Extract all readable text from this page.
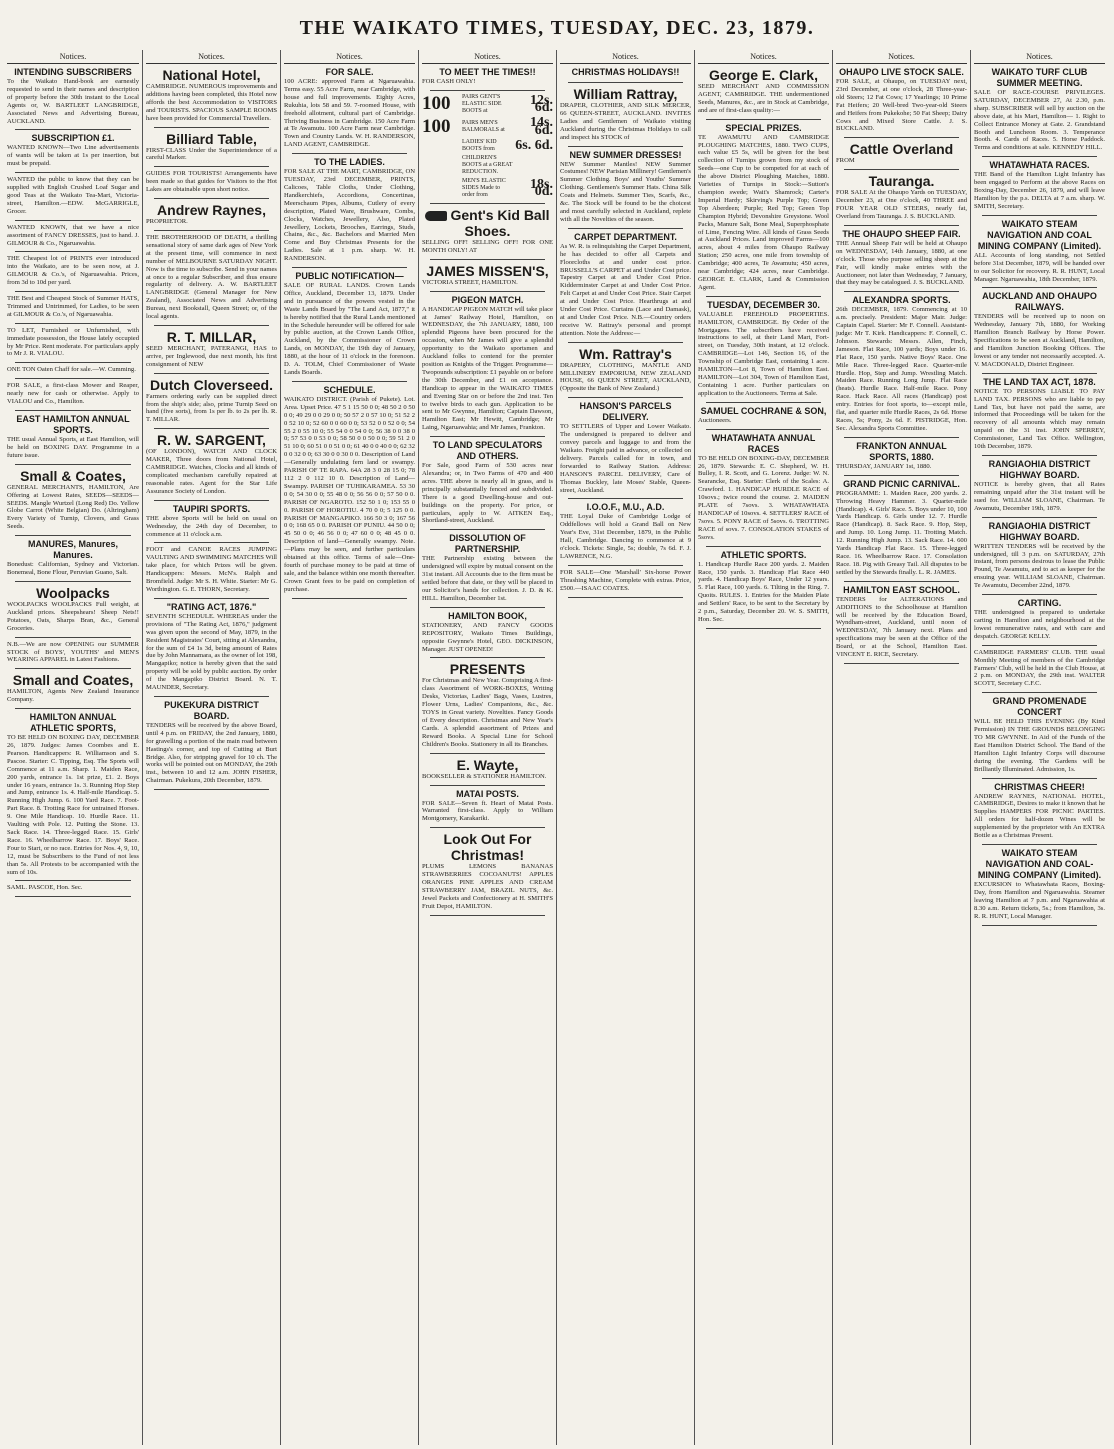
THE WAIKATO TIMES, TUESDAY, DEC. 23, 1879.
Notices.
INTENDING SUBSCRIBERS
To the Waikato Hand-book are earnestly requested to send in their names and description of property before the 30th instant to the Local Agents or, W. BARTLEET LANGBRIDGE, Associated News and Advertising Bureau, AUCKLAND.
SUBSCRIPTION £1.
WANTED KNOWN—Two Line advertisements of wants will be taken at 1s per insertion, but must be prepaid.
WANTED the public to know that they can be supplied with English Crushed Loaf Sugar and good Teas at the Waikato Tea-Mart, Victoria-street, Hamilton.—EDW. McGARRIGLE, Grocer.
WANTED KNOWN, that we have a nice assortment of FANCY DRESSES, just to hand. J. GILMOUR & Co., Ngaruawahia.
THE Cheapest lot of PRINTS ever introduced into the Waikato, are to be seen now, at J. GILMOUR & Co.'s, of Ngaruawahia. Prices, from 3d to 10d per yard.
THE Best and Cheapest Stock of Summer HATS, Trimmed and Untrimmed, for Ladies, to be seen at GILMOUR & Co.'s, of Ngaruawahia.
TO LET, Furnished or Unfurnished, with immediate possession, the House lately occupied by Mr Price. Rent moderate. For particulars apply to Mr J. R. VIALOU.
ONE TON Oaten Chaff for sale.—W. Cumming.
FOR SALE, a first-class Mower and Reaper, nearly new for cash or otherwise. Apply to VIALOU and Co., Hamilton.
EAST HAMILTON ANNUAL SPORTS.
THE usual Annual Sports, at East Hamilton, will be held on BOXING DAY. Programme in a future issue.
Small & Coates,
GENERAL MERCHANTS, HAMILTON, Are Offering at Lowest Rates, SEEDS—SEEDS—SEEDS. Mangle Wurtzel (Long Red) Do. Yellow Globe Carrot (White Belgian) Do. (Altringham) Every Variety of Turnip, Clovers, and Grass Seeds.
MANURES, Manures, Manures.
Bonedust: Californian, Sydney and Victorian. Bonemeal, Bone Flour, Peruvian Guano, Salt.
Woolpacks
WOOLPACKS WOOLPACKS Full weight, at Auckland prices. Sheepshears! Sheep Nets!! Potatoes, Oats, Sharps Bran, &c., General Groceries.
N.B.—We are now OPENING our SUMMER STOCK of BOYS', YOUTHS' and MEN'S WEARING APPAREL in Latest Fashions.
Small and Coates,
HAMILTON, Agents New Zealand Insurance Company.
HAMILTON ANNUAL ATHLETIC SPORTS,
TO BE HELD ON BOXING DAY, DECEMBER 26, 1879. Judges: James Coombes and E. Pearson. Handicappers: R. Williamson and S. Pascoe. Starter: C. Tipping, Esq. The Sports will Commence at 11 a.m. Sharp. 1. Maiden Race, 200 yards, entrance 1s. 1st prize, £1. 2. Boys under 16 years, entrance 1s. 3. Running Hop Step and Jump, entrance 1s. 4. Half-mile Handicap. 5. Running High Jump. 6. 100 Yard Race. 7. Foot-Part Race. 8. Trotting Race for untrained Horses. 9. One Mile Handicap. 10. Hurdle Race. 11. Vaulting with Pole. 12. Putting the Stone. 13. Sack Race. 14. Three-legged Race. 15. Girls' Race. 16. Wheelbarrow Race. 17. Boys' Race. Four to Start, or no race. Entries for Nos. 4, 9, 10, 12, must be Subscribers to the Fund of not less than 5s. All Protests to be accompanied with the sum of 10s.
SAML. PASCOE, Hon. Sec.
Notices.
National Hotel,
CAMBRIDGE. NUMEROUS improvements and additions having been completed, this Hotel now affords the best Accommodation to VISITORS and TOURISTS. SPACIOUS SAMPLE ROOMS have been provided for Commercial Travellers.
Billiard Table,
FIRST-CLASS Under the Superintendence of a careful Marker.
GUIDES FOR TOURISTS! Arrangements have been made so that guides for Visitors to the Hot Lakes are obtainable upon short notice.
Andrew Raynes,
PROPRIETOR.
THE BROTHERHOOD OF DEATH, a thrilling sensational story of same dark ages of New York at the present time, will commence in next number of MELBOURNE SATURDAY NIGHT. Now is the time to subscribe. Send in your names at once to a regular Subscriber, and thus ensure regularity of delivery. A. W. BARTLEET LANGBRIDGE (General Manager for New Zealand), Associated News and Advertising Bureau, next Bookstall, Queen Street; or, of the local agents.
R. T. MILLAR,
SEED MERCHANT, PATERANGI, HAS to arrive, per Inglewood, due next month, his first consignment of NEW
Dutch Cloverseed.
Farmers ordering early can be supplied direct from the ship's side; also, prime Turnip Seed on hand (five sorts), from 1s per lb. to 2s per lb. R. T. MILLAR.
R. W. SARGENT,
(OF LONDON), WATCH AND CLOCK MAKER, Three doors from National Hotel, CAMBRIDGE. Watches, Clocks and all kinds of complicated mechanism carefully repaired at reasonable rates. Agent for the Star Life Assurance Society of London.
TAUPIRI SPORTS.
THE above Sports will be held on usual on Wednesday, the 24th day of December, to commence at 11 o'clock a.m.
FOOT and CANOE RACES JUMPING VAULTING AND SWIMMING MATCHES Will take place, for which Prizes will be given. Handicappers: Messrs. McN's. Ralph and Bromfield. Judge: Mr S. H. White. Starter: Mr G. Worthington. G. E. THORN, Secretary.
"RATING ACT, 1876."
SEVENTH SCHEDULE. WHEREAS under the provisions of "The Rating Act, 1876," judgment was given upon the second of May, 1879, in the Resident Magistrates' Court, sitting at Alexandra, for the sum of £4 1s 3d, being amount of Rates due by John Mannamara, as the owner of lot 198, Mangapiko; notice is hereby given that the said property will be sold by public auction. By order of the Mangapiko District Board. N. T. MAUNDER, Secretary.
PUKEKURA DISTRICT BOARD.
TENDERS will be received by the above Board, until 4 p.m. on FRIDAY, the 2nd January, 1880, for gravelling a portion of the main road between Hastings's corner, and top of Cutting at Burt Bridge. Also, for stripping gravel for 10 ch. The works will be pointed out on MONDAY, the 29th inst., between 10 and 12 a.m. JOHN FISHER, Chairman. Pukekura, 20th December, 1879.
Notices.
FOR SALE.
100 ACRE: approved Farm at Ngaruawahia. Terms easy. 55 Acre Farm, near Cambridge, with house and full improvements. Eighty Acres, Rukuhia, lots 58 and 59. 7-roomed House, with freehold allotment, cultural part of Cambridge. Thriving Business in Cambridge. 150 Acre Farm at Te Awamutu. 100 Acre Farm near Cambridge. Town and Country Lands. W. H. RANDERSON, LAND AGENT, CAMBRIDGE.
TO THE LADIES.
FOR SALE AT THE MART, CAMBRIDGE, ON TUESDAY, 23rd DECEMBER, PRINTS, Calicoes, Table Cloths, Under Clothing, Handkerchiefs, Accordions, Concertinas, Meerschaum Pipes, Albums, Cutlery of every description, Plated Ware, Brushware, Combs, Clocks, Watches, Jewellery, Also, Plated Jewellery, Lockets, Brooches, Earrings, Studs, Chains, &c., &c. Bachelors and Married Men Come and Buy Christmas Presents for the Ladies. Sale at 1 p.m. sharp. W. H. RANDERSON.
PUBLIC NOTIFICATION—
SALE OF RURAL LANDS. Crown Lands Office, Auckland, December 13, 1879. Under and in pursuance of the powers vested in the Waste Lands Board by "The Land Act, 1877," it is hereby notified that the Rural Lands mentioned in the Schedule hereunder will be offered for sale by public auction, at the Crown Lands Office, Auckland, by the Commissioner of Crown Lands, on MONDAY, the 19th day of January, 1880, at the hour of 11 o'clock in the forenoon. D. A. TOLM, Chief Commissioner of Waste Lands Boards.
SCHEDULE.
WAIKATO DISTRICT. (Parish of Pukete). Lot. Area. Upset Price. 47 5 1 15 50 0 0; 48 50 2 0 50 0 0; 49 29 0 0 29 0 0; 50 57 2 0 57 10 0; 51 52 2 0 52 10 0; 52 60 0 0 60 0 0; 53 52 0 0 52 0 0; 54 55 2 0 55 10 0; 55 54 0 0 54 0 0; 56 38 0 0 38 0 0; 57 53 0 0 53 0 0; 58 50 0 0 50 0 0; 59 51 2 0 51 10 0; 60 51 0 0 51 0 0; 61 40 0 0 40 0 0; 62 32 0 0 32 0 0; 63 30 0 0 30 0 0. Description of Land—Generally undulating fern land or swampy. PARISH OF TE RAPA. 64A 28 3 0 28 15 0; 78 112 2 0 112 10 0. Description of Land—Swampy. PARISH OF TUHIKARAMEA. 53 30 0 0; 54 30 0 0; 55 48 0 0; 56 56 0 0; 57 50 0 0. PARISH OF NGAROTO. 152 50 1 0; 153 55 0 0. PARISH OF HOROTIU. 4 70 0 0; 5 125 0 0. PARISH OF MANGAPIKO. 166 50 3 0; 167 56 0 0; 168 65 0 0. PARISH OF PUNIU. 44 50 0 0; 45 50 0 0; 46 56 0 0; 47 60 0 0; 48 45 0 0. Description of land—Generally swampy. Note.—Plans may be seen, and further particulars obtained at this office. Terms of sale—One-fourth of purchase money to be paid at time of sale, and the balance within one month thereafter. Crown Grant fees to be paid on completion of purchase.
Notices.
TO MEET THE TIMES!!
FOR CASH ONLY!
100	PAIRS GENT'S ELASTIC SIDE BOOTS at
12s. 6d.
100	PAIRS MEN'S BALMORALS at	14s. 6d.
LADIES' KID BOOTS from	6s. 6d.
CHILDREN'S BOOTS at a GREAT REDUCTION.
MEN'S ELASTIC SIDES Made to order from
18s. 0d.
Gent's Kid Ball Shoes.
SELLING OFF! SELLING OFF! FOR ONE MONTH ONLY! AT
JAMES MISSEN'S,
VICTORIA STREET, HAMILTON.
PIGEON MATCH.
A HANDICAP PIGEON MATCH will take place at James' Railway Hotel, Hamilton, on WEDNESDAY, the 7th JANUARY, 1880, 100 splendid Pigeons have been procured for the occasion, when Mr James will give a splendid opportunity to the Waikato sportsmen and Auckland folks to contend for the premier position as Knights of the Trigger. Programme—Twopounds subscription: £1 payable on or before the 30th December, and £1 on acceptance. Handicap to appear in the WAIKATO TIMES and Evening Star on or before the 2nd inst. Ten to twelve birds to each gun. Application to be sent to Mr Gwynne, Hamilton; Captain Dawson, Hamilton East; Mr Hewitt, Cambridge; Mr Laing, Ngaruawahia; and Mr James, Frankton.
TO LAND SPECULATORS AND OTHERS.
For Sale, good Farm of 530 acres near Alexandra; or, in Two Farms of 470 and 400 acres. THE above is nearly all in grass, and is principally substantially fenced and subdivided. There is a good Dwelling-house and out-buildings on the property. For price, or particulars, apply to W. AITKEN Esq., Shortland-street, Auckland.
DISSOLUTION OF PARTNERSHIP.
THE Partnership existing between the undersigned will expire by mutual consent on the 31st instant. All Accounts due to the firm must be settled before that date, or they will be placed in our Solicitor's hands for collection. J. D. & K. HILL. Hamilton, December 1st.
HAMILTON BOOK,
STATIONERY, AND FANCY GOODS REPOSITORY, Waikato Times Buildings, opposite Gwynne's Hotel, GEO. DICKINSON, Manager. JUST OPENED!
PRESENTS
For Christmas and New Year. Comprising A first-class Assortment of WORK-BOXES, Writing Desks, Victorias, Ladies' Bags, Vases, Lustres, Flower Urns, Ladies' Companions, &c., &c. TOYS in Great variety. Novelties. Fancy Goods of Every description. Christmas and New Year's Cards. A splendid assortment of Prizes and Reward Books. A Special Line for School Children's Books. Stationery in all its Branches.
E. Wayte,
BOOKSELLER & STATIONER HAMILTON.
MATAI POSTS.
FOR SALE—Seven ft. Heart of Matai Posts. Warranted first-class. Apply to William Montgomery, Karakariki.
Look Out For Christmas!
PLUMS LEMONS BANANAS STRAWBERRIES COCOANUTS! APPLES ORANGES PINE APPLES AND CREAM STRAWBERRY JAM, BRAZIL NUTS, &c. Jewel Packets and Confectionery at H. SMITH'S Fruit Depot, HAMILTON.
Notices.
CHRISTMAS HOLIDAYS!!
William Rattray,
DRAPER, CLOTHIER, AND SILK MERCER, 66 QUEEN-STREET, AUCKLAND. INVITES Ladies and Gentlemen of Waikato visiting Auckland during the Christmas Holidays to call and inspect his STOCK of
NEW SUMMER DRESSES!
NEW Summer Mantles! NEW Summer Costumes! NEW Parisian Millinery! Gentlemen's Summer Clothing. Boys' and Youths' Summer Clothing. Gentlemen's Summer Hats. China Silk Coats and Helmets. Summer Ties, Scarfs, &c., &c. The Stock will be found to be the choicest and most carefully selected in Auckland, replete with all the Novelties of the season.
CARPET DEPARTMENT.
As W. R. is relinquishing the Carpet Department, he has decided to offer all Carpets and Floorcloths at and under cost price. BRUSSELL'S CARPET at and Under Cost price. Tapestry Carpet at and Under Cost Price. Kidderminster Carpet at and Under Cost Price. Felt Carpet at and Under Cost Price. Stair Carpet at and Under Cost Price. Hearthrugs at and Under Cost Price. Curtains (Lace and Damask), at and Under Cost Price. N.B.—Country orders receive W. Rattray's personal and prompt attention. Note the Address:—
Wm. Rattray's
DRAPERY, CLOTHING, MANTLE AND MILLINERY EMPORIUM, NEW ZEALAND HOUSE, 66 QUEEN STREET, AUCKLAND, (Opposite the Bank of New Zealand.)
HANSON'S PARCELS DELIVERY.
TO SETTLERS of Upper and Lower Waikato. The undersigned is prepared to deliver and convey parcels and luggage to and from the Waikato. Freight paid in advance, or collected on delivery. Parcels called for in town, and forwarded to Railway Station. Address: HANSON'S PARCEL DELIVERY, Care of Thomas Buckley, late Moses' Stable, Queen-street, Auckland.
I.O.O.F., M.U., A.D.
THE Loyal Duke of Cambridge Lodge of Oddfellows will hold a Grand Ball on New Year's Eve, 31st December, 1879, in the Public Hall, Cambridge. Dancing to commence at 9 o'clock. Tickets: Single, 5s; double, 7s 6d. F. J. LAWRENCE, N.G.
FOR SALE—One 'Marshall' Six-horse Power Thrashing Machine, Complete with extras. Price, £500.—ISAAC COATES.
Notices.
George E. Clark,
SEED MERCHANT AND COMMISSION AGENT, CAMBRIDGE. THE undermentioned Seeds, Manures, &c., are in Stock at Cambridge, and are of first-class quality:—
SPECIAL PRIZES.
TE AWAMUTU AND CAMBRIDGE PLOUGHING MATCHES, 1880. TWO CUPS, each value £5 5s, will be given for the best collection of Turnips grown from my stock of Seeds—one Cup to be competed for at each of the above District Ploughing Matches, 1880. Varieties of Turnips in Stock:—Sutton's champion swede; Wait's Shamrock; Carter's Imperial Hardy; Skirving's Purple Top; Green Top Aberdeen; Purple; Red Top; Green Top Champion Hybrid; Devonshire Greystone. Wool Packs, Manure Salt, Bone Meal, Superphosphate of Lime, Fencing Wire. All kinds of Grass Seeds at Auckland Prices. Land improved Farms—100 acres, about 4 miles from Ohaupo Railway Station; 250 acres, one mile from township of Cambridge; 400 acres, Te Awamutu; 450 acres, near Cambridge; 424 acres, near Cambridge. GEORGE E. CLARK, Land & Commission Agent.
TUESDAY, DECEMBER 30.
VALUABLE FREEHOLD PROPERTIES. HAMILTON, CAMBRIDGE. By Order of the Mortgagees. The subscribers have received instructions to sell, at their Land Mart, Fort-street, on Tuesday, 30th instant, at 12 o'clock. CAMBRIDGE—Lot 146, Section 16, of the Township of Cambridge East, containing 1 acre. HAMILTON—Lot 8, Town of Hamilton East. HAMILTON—Lot 304, Town of Hamilton East, Containing 1 acre. Further particulars on application to the Auctioneers. Terms at Sale.
SAMUEL COCHRANE & SON,
Auctioneers.
WHATAWHATA ANNUAL RACES
TO BE HELD ON BOXING-DAY, DECEMBER 26, 1879. Stewards: E. C. Shepherd, W. H. Bulley, I. R. Scott, and G. Lorenz. Judge: W. N. Searancke, Esq. Starter: Clerk of the Scales: A. Crawford. 1. HANDICAP HURDLE RACE of 10sovs.; twice round the course. 2. MAIDEN PLATE of 7sovs. 3. WHATAWHATA HANDICAP of 10sovs. 4. SETTLERS' RACE of 7sovs. 5. PONY RACE of 5sovs. 6. TROTTING RACE of sovs. 7. CONSOLATION STAKES of 5sovs.
ATHLETIC SPORTS.
1. Handicap Hurdle Race 200 yards. 2. Maiden Race, 150 yards. 3. Handicap Flat Race 440 yards. 4. Handicap Boys' Race, Under 12 years. 5. Flat Race, 100 yards. 6. Tilting in the Ring. 7. Quoits. RULES. 1. Entries for the Maiden Plate and Settlers' Race, to be sent to the Secretary by 2 p.m., Saturday, December 20. W. S. SMITH, Hon. Sec.
Notices.
OHAUPO LIVE STOCK SALE.
FOR SALE, at Ohaupo, on TUESDAY next, 23rd December, at one o'clock, 28 Three-year-old Steers; 12 Fat Cows; 17 Yearlings; 10 Prime Fat Heifers; 20 Well-bred Two-year-old Steers and Heifers from Pukekohe; 50 Fat Sheep; Dairy Cows and Mixed Store Cattle. J. S. BUCKLAND.
Cattle Overland
FROM
Tauranga.
FOR SALE At the Ohaupo Yards on TUESDAY, December 23, at One o'clock, 40 THREE and FOUR YEAR OLD STEERS, nearly fat, Overland from Tauranga. J. S. BUCKLAND.
THE OHAUPO SHEEP FAIR.
THE Annual Sheep Fair will be held at Ohaupo on WEDNESDAY, 14th January, 1880, at one o'clock. Those who purpose selling sheep at the Fair, will kindly make entries with the Auctioneer, not later than Wednesday, 7 January, that they may be catalogued. J. S. BUCKLAND.
ALEXANDRA SPORTS.
26th DECEMBER, 1879. Commencing at 10 a.m. precisely. President: Major Mair. Judge: Captain Capel. Starter: Mr F. Connell. Assistant-judge: Mr T. Kirk. Handicappers: F. Connell, C. Johnson. Stewards: Messrs. Allen, Finch, Jameson. Flat Race, 100 yards; Boys under 16. Flat Race, 150 yards. Native Boys' Race. One Mile Race. Three-legged Race. Quarter-mile Hurdle. Hop, Step and Jump. Wrestling Match. Maiden Race. Running Long Jump. Flat Race (heats). Hurdle Race. Half-mile Race. Pony Race. Hack Race. All races (Handicap) post entry. Entries for foot sports, to—except mile, flat, and quarter mile Hurdle Races, 2s 6d. Horse Races, 5s; Pony, 2s 6d. F. PISTRIDGE, Hon. Sec. Alexandra Sports Committee.
FRANKTON ANNUAL SPORTS, 1880.
THURSDAY, JANUARY 1st, 1880.
GRAND PICNIC CARNIVAL.
PROGRAMME: 1. Maiden Race, 200 yards. 2. Throwing Heavy Hammer. 3. Quarter-mile (Handicap). 4. Girls' Race. 5. Boys under 10, 100 Yards Handicap. 6. Girls under 12. 7. Hurdle Race (Handicap). 8. Sack Race. 9. Hop, Step, and Jump. 10. Long Jump. 11. Trotting Match. 12. Running High Jump. 13. Sack Race. 14. 600 Yards Handicap Flat Race. 15. Three-legged Race. 16. Wheelbarrow Race. 17. Consolation Race. 18. Pig with Greasy Tail. All disputes to be settled by the Stewards finally. L. R. JAMES.
HAMILTON EAST SCHOOL.
TENDERS for ALTERATIONS and ADDITIONS to the Schoolhouse at Hamilton will be received by the Education Board, Wyndham-street, Auckland, until noon of WEDNESDAY, 7th January next. Plans and specifications may be seen at the Office of the Board, or at the School, Hamilton East. VINCENT E. RICE, Secretary.
Notices.
WAIKATO TURF CLUB SUMMER MEETING.
SALE OF RACE-COURSE PRIVILEGES. SATURDAY, DECEMBER 27, At 2.30, p.m. sharp. SUBSCRIBER will sell by auction on the above date, at his Mart, Hamilton— 1. Right to Collect Entrance Money at Gate. 2. Grandstand Booth and Luncheon Room. 3. Temperance Booth. 4. Cards of Races. 5. Horse Paddock. Terms and conditions at sale. KENNEDY HILL.
WHATAWHATA RACES.
THE Band of the Hamilton Light Infantry has been engaged to Perform at the above Races on Boxing-Day, December 26, 1879, and will leave Hamilton by the p.s. DELTA at 7 a.m. sharp. W. SMITH, Secretary.
WAIKATO STEAM NAVIGATION AND COAL MINING COMPANY (Limited).
ALL Accounts of long standing, not Settled before 31st December, 1879, will be handed over to our Solicitor for recovery. R. R. HUNT, Local Manager. Ngaruawahia, 18th December, 1879.
AUCKLAND AND OHAUPO RAILWAYS.
TENDERS will be received up to noon on Wednesday, January 7th, 1880, for Working Hamilton Branch Railway by Horse Power. Specifications to be seen at Auckland, Hamilton, and Hamilton Junction Booking Offices. The lowest or any tender not necessarily accepted. A. V. MACDONALD, District Engineer.
THE LAND TAX ACT, 1878.
NOTICE TO PERSONS LIABLE TO PAY LAND TAX. PERSONS who are liable to pay Land Tax, but have not paid the same, are informed that Proceedings will be taken for the recovery of all amounts which may remain unpaid on the 31 inst. JOHN SPERREY, Commissioner, Land Tax Office. Wellington, 10th December, 1879.
RANGIAOHIA DISTRICT HIGHWAY BOARD.
NOTICE is hereby given, that all Rates remaining unpaid after the 31st instant will be sued for. WILLIAM SLOANE, Chairman. Te Awamutu, December 19th, 1879.
RANGIAOHIA DISTRICT HIGHWAY BOARD.
WRITTEN TENDERS will be received by the undersigned, till 3 p.m. on SATURDAY, 27th instant, from persons desirous to lease the Public Pound, Te Awamutu, and to act as keeper for the ensuing year. WILLIAM SLOANE, Chairman. Te Awamutu, December 22nd, 1879.
CARTING.
THE undersigned is prepared to undertake carting in Hamilton and neighbourhood at the lowest remunerative rates, and with care and despatch. GEORGE KELLY.
CAMBRIDGE FARMERS' CLUB. THE usual Monthly Meeting of members of the Cambridge Farmers' Club, will be held in the Club House, at 2 p.m. on MONDAY, the 29th inst. WALTER SCOTT, Secretary C.F.C.
GRAND PROMENADE CONCERT
WILL BE HELD THIS EVENING (By Kind Permission) IN THE GROUNDS BELONGING TO MR GWYNNE. In Aid of the Funds of the East Hamilton District School. The Band of the Hamilton Light Infantry Corps will discourse during the evening. The Gardens will be Brilliantly Illuminated. Admission, 1s.
CHRISTMAS CHEER!
ANDREW RAYNES, NATIONAL HOTEL, CAMBRIDGE, Desires to make it known that he Supplies HAMPERS FOR PICNIC PARTIES. All orders for half-dozen Wines will be supplemented by the proprietor with An EXTRA Bottle as a Christmas Present.
WAIKATO STEAM NAVIGATION AND COAL-MINING COMPANY (Limited).
EXCURSION to Whatawhata Races, Boxing-Day, from Hamilton and Ngaruawahia. Steamer leaving Hamilton at 7 p.m. and Ngaruawahia at 8.30 a.m. Return tickets, 5s.; from Hamilton, 3s. R. R. HUNT, Local Manager.
